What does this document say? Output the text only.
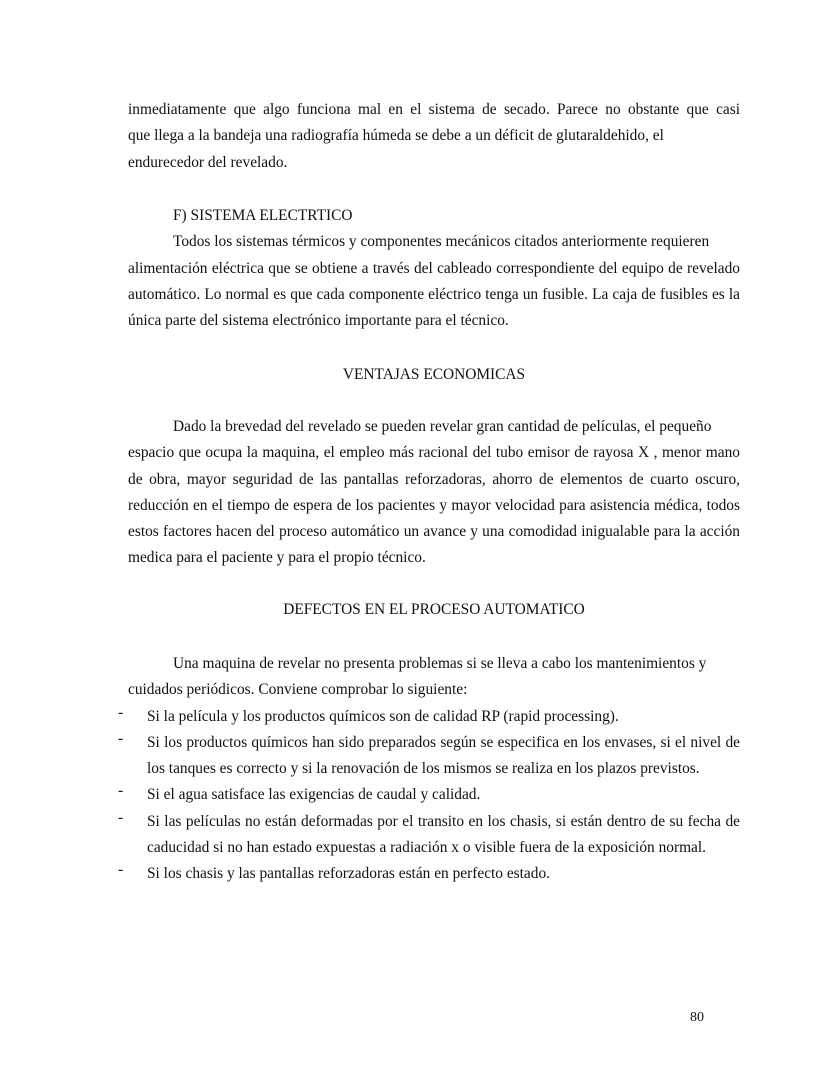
inmediatamente que algo funciona mal en el sistema de secado. Parece no obstante que casi
que llega a la bandeja una radiografía húmeda se debe a un déficit de glutaraldehido, el
endurecedor del revelado.
F) SISTEMA ELECTRTICO
Todos los sistemas térmicos y componentes mecánicos citados anteriormente requieren
alimentación eléctrica que se obtiene a través del cableado correspondiente del equipo de revelado
automático. Lo normal es que cada componente eléctrico tenga un fusible. La caja de fusibles es la
única parte del sistema electrónico importante para el técnico.
VENTAJAS ECONOMICAS
Dado la brevedad del revelado se pueden revelar gran cantidad de películas, el pequeño
espacio que ocupa la maquina, el empleo más racional del tubo emisor de rayosa X , menor mano
de obra, mayor seguridad de las pantallas reforzadoras, ahorro de elementos de cuarto oscuro,
reducción en el tiempo de espera de los pacientes y mayor velocidad para asistencia médica, todos
estos factores hacen del proceso automático un avance y una comodidad inigualable para la acción
medica para el paciente y para el propio técnico.
DEFECTOS EN EL PROCESO AUTOMATICO
Una maquina de revelar no presenta problemas si se lleva a cabo los mantenimientos y
cuidados periódicos. Conviene comprobar lo siguiente:
- Si la película y los productos químicos son de calidad RP (rapid processing).
- Si los productos químicos han sido preparados según se especifica en los envases, si el nivel de
los tanques es correcto y si la renovación de los mismos se realiza en los plazos previstos.
- Si el agua satisface las exigencias de caudal y calidad.
- Si las películas no están deformadas por el transito en los chasis, si están dentro de su fecha de
caducidad si no han estado expuestas a radiación x o visible fuera de la exposición normal.
- Si los chasis y las pantallas reforzadoras están en perfecto estado.
80
